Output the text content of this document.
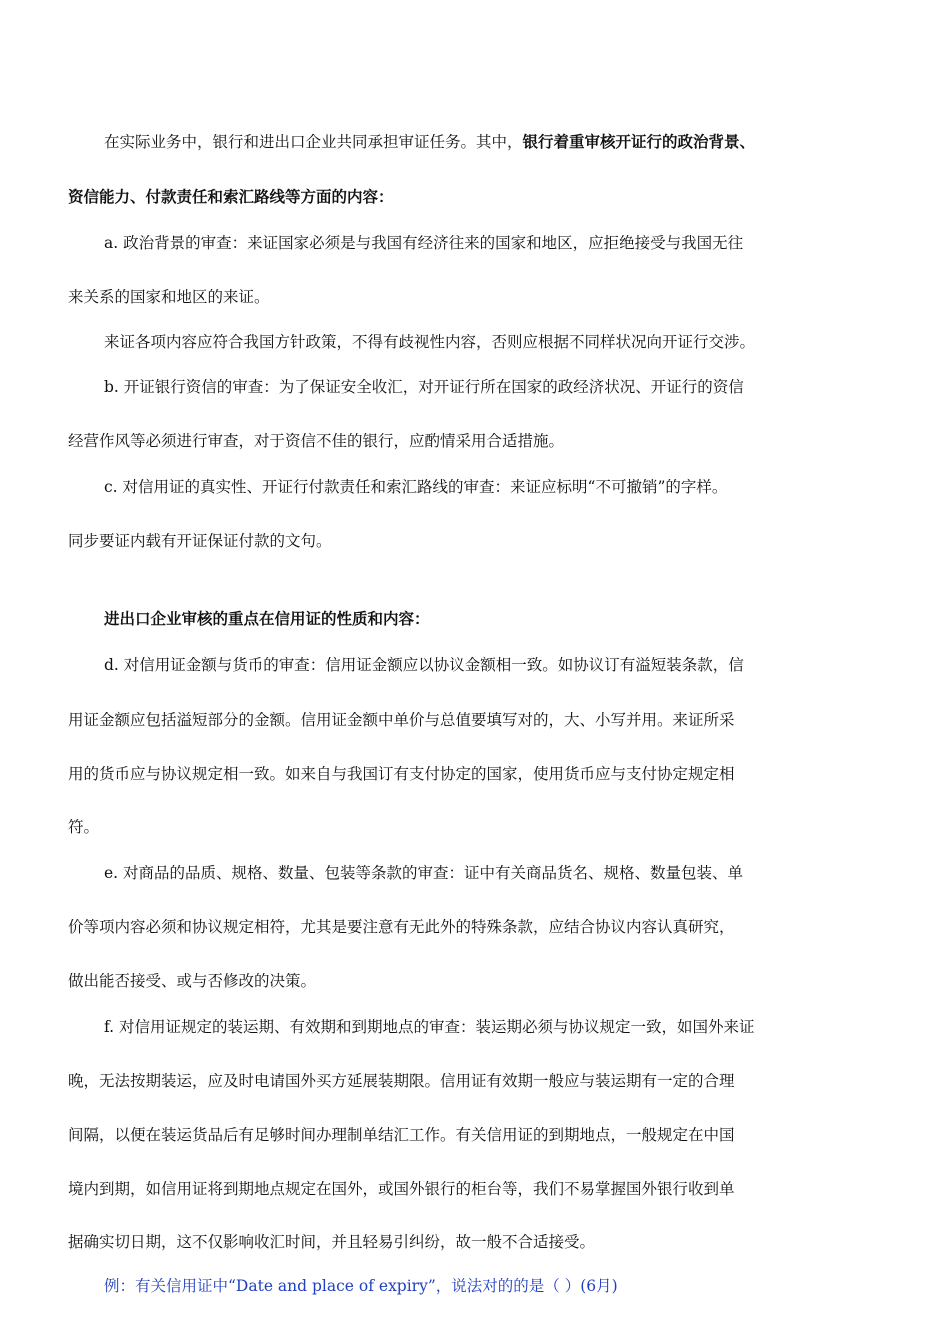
在实际业务中，银行和进出口企业共同承担审证任务。其中，银行着重审核开证行的政治背景、
资信能力、付款责任和索汇路线等方面的内容：
a. 政治背景的审查：来证国家必须是与我国有经济往来的国家和地区，应拒绝接受与我国无往
来关系的国家和地区的来证。
来证各项内容应符合我国方针政策，不得有歧视性内容，否则应根据不同样状况向开证行交涉。
b. 开证银行资信的审查：为了保证安全收汇，对开证行所在国家的政经济状况、开证行的资信
经营作风等必须进行审查，对于资信不佳的银行，应酌情采用合适措施。
c. 对信用证的真实性、开证行付款责任和索汇路线的审查：来证应标明“不可撤销”的字样。
同步要证内载有开证保证付款的文句。
进出口企业审核的重点在信用证的性质和内容：
d. 对信用证金额与货币的审查：信用证金额应以协议金额相一致。如协议订有溢短装条款，信
用证金额应包括溢短部分的金额。信用证金额中单价与总值要填写对的，大、小写并用。来证所采
用的货币应与协议规定相一致。如来自与我国订有支付协定的国家，使用货币应与支付协定规定相
符。
e. 对商品的品质、规格、数量、包装等条款的审查：证中有关商品货名、规格、数量包装、单
价等项内容必须和协议规定相符，尤其是要注意有无此外的特殊条款，应结合协议内容认真研究，
做出能否接受、或与否修改的决策。
f. 对信用证规定的装运期、有效期和到期地点的审查：装运期必须与协议规定一致，如国外来证
晚，无法按期装运，应及时电请国外买方延展装期限。信用证有效期一般应与装运期有一定的合理
间隔，以便在装运货品后有足够时间办理制单结汇工作。有关信用证的到期地点，一般规定在中国
境内到期，如信用证将到期地点规定在国外，或国外银行的柜台等，我们不易掌握国外银行收到单
据确实切日期，这不仅影响收汇时间，并且轻易引纠纷，故一般不合适接受。
例：有关信用证中“Date and place of expiry”，说法对的的是（ ）(6月)
